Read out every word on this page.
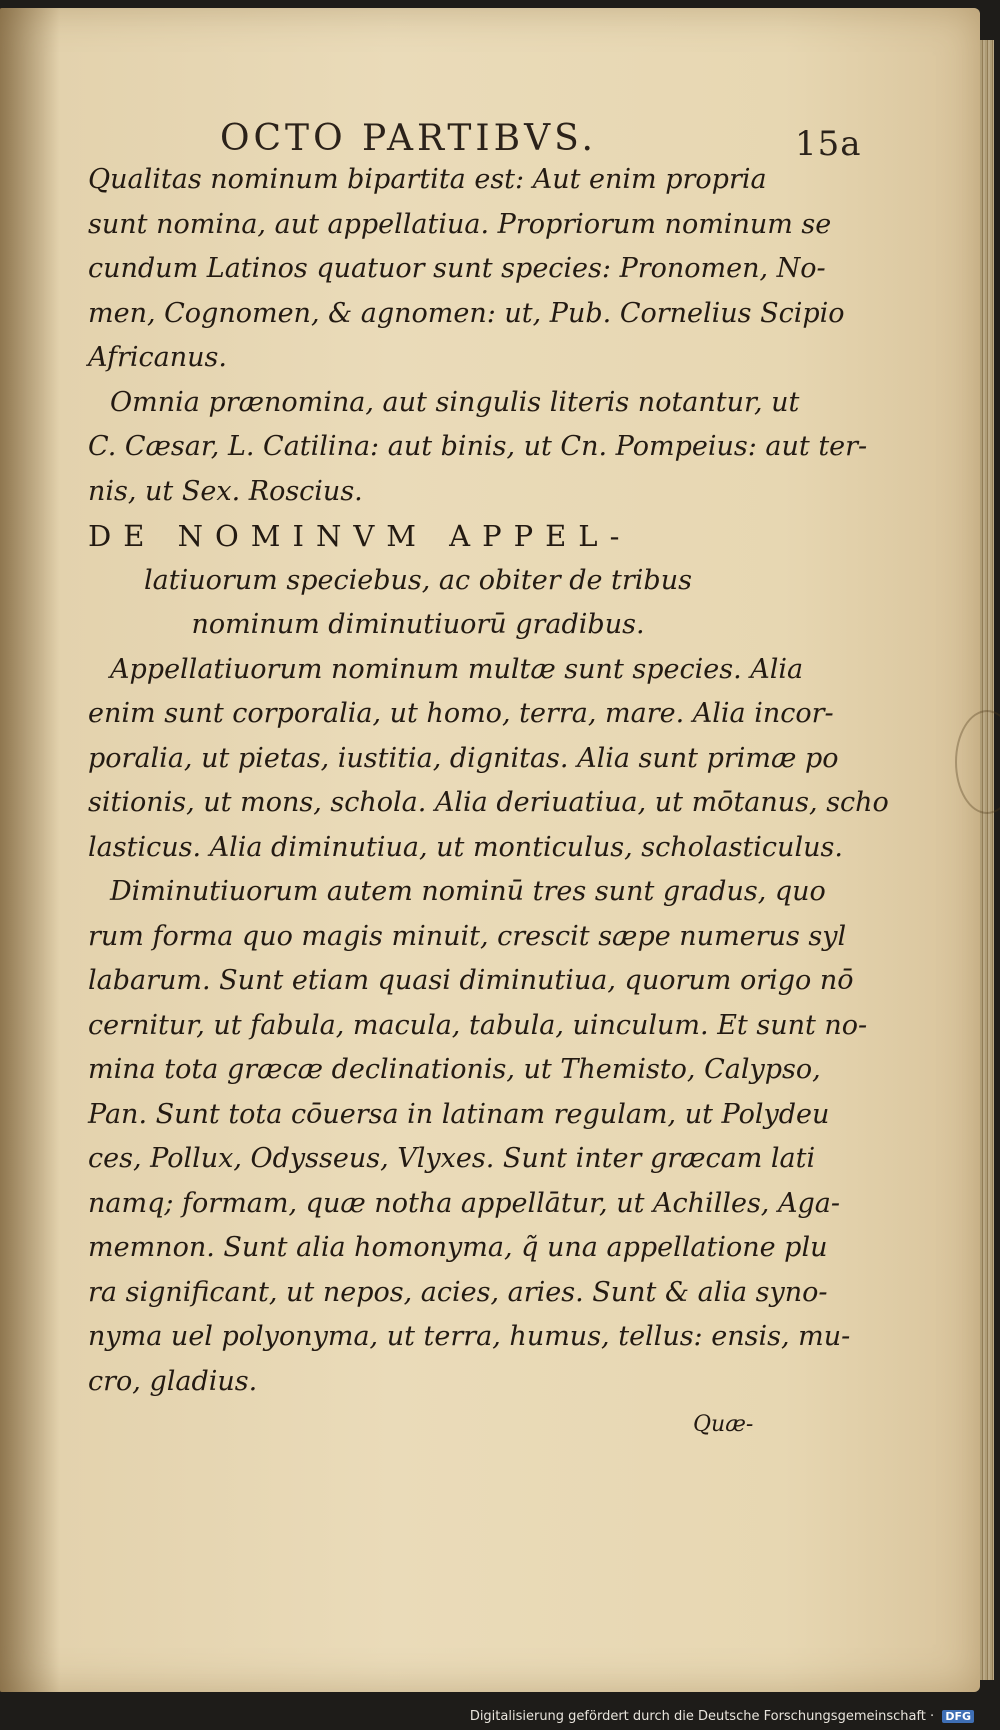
OCTO PARTIBVS.	15a
Qualitas nominum bipartita est: Aut enim propria
sunt nomina, aut appellatiua. Propriorum nominum se
cundum Latinos quatuor sunt species: Pronomen, No-
men, Cognomen, & agnomen: ut, Pub. Cornelius Scipio
Africanus.
Omnia prænomina, aut singulis literis notantur, ut
C. Cæsar, L. Catilina: aut binis, ut Cn. Pompeius: aut ter-
nis, ut Sex. Roscius.
DE NOMINVM APPEL-
latiuorum speciebus, ac obiter de tribus
nominum diminutiuorū gradibus.
Appellatiuorum nominum multæ sunt species. Alia
enim sunt corporalia, ut homo, terra, mare. Alia incor-
poralia, ut pietas, iustitia, dignitas. Alia sunt primæ po
sitionis, ut mons, schola. Alia deriuatiua, ut mōtanus, scho
lasticus. Alia diminutiua, ut monticulus, scholasticulus.
Diminutiuorum autem nominū tres sunt gradus, quo
rum forma quo magis minuit, crescit sæpe numerus syl
labarum. Sunt etiam quasi diminutiua, quorum origo nō
cernitur, ut fabula, macula, tabula, uinculum. Et sunt no-
mina tota græcæ declinationis, ut Themisto, Calypso,
Pan. Sunt tota cōuersa in latinam regulam, ut Polydeu
ces, Pollux, Odysseus, Vlyxes. Sunt inter græcam lati
namq; formam, quæ notha appellātur, ut Achilles, Aga-
memnon. Sunt alia homonyma, q̃ una appellatione plu
ra significant, ut nepos, acies, aries. Sunt & alia syno-
nyma uel polyonyma, ut terra, humus, tellus: ensis, mu-
cro, gladius.
Quæ-
Digitalisierung gefördert durch die Deutsche Forschungsgemeinschaft · DFG
